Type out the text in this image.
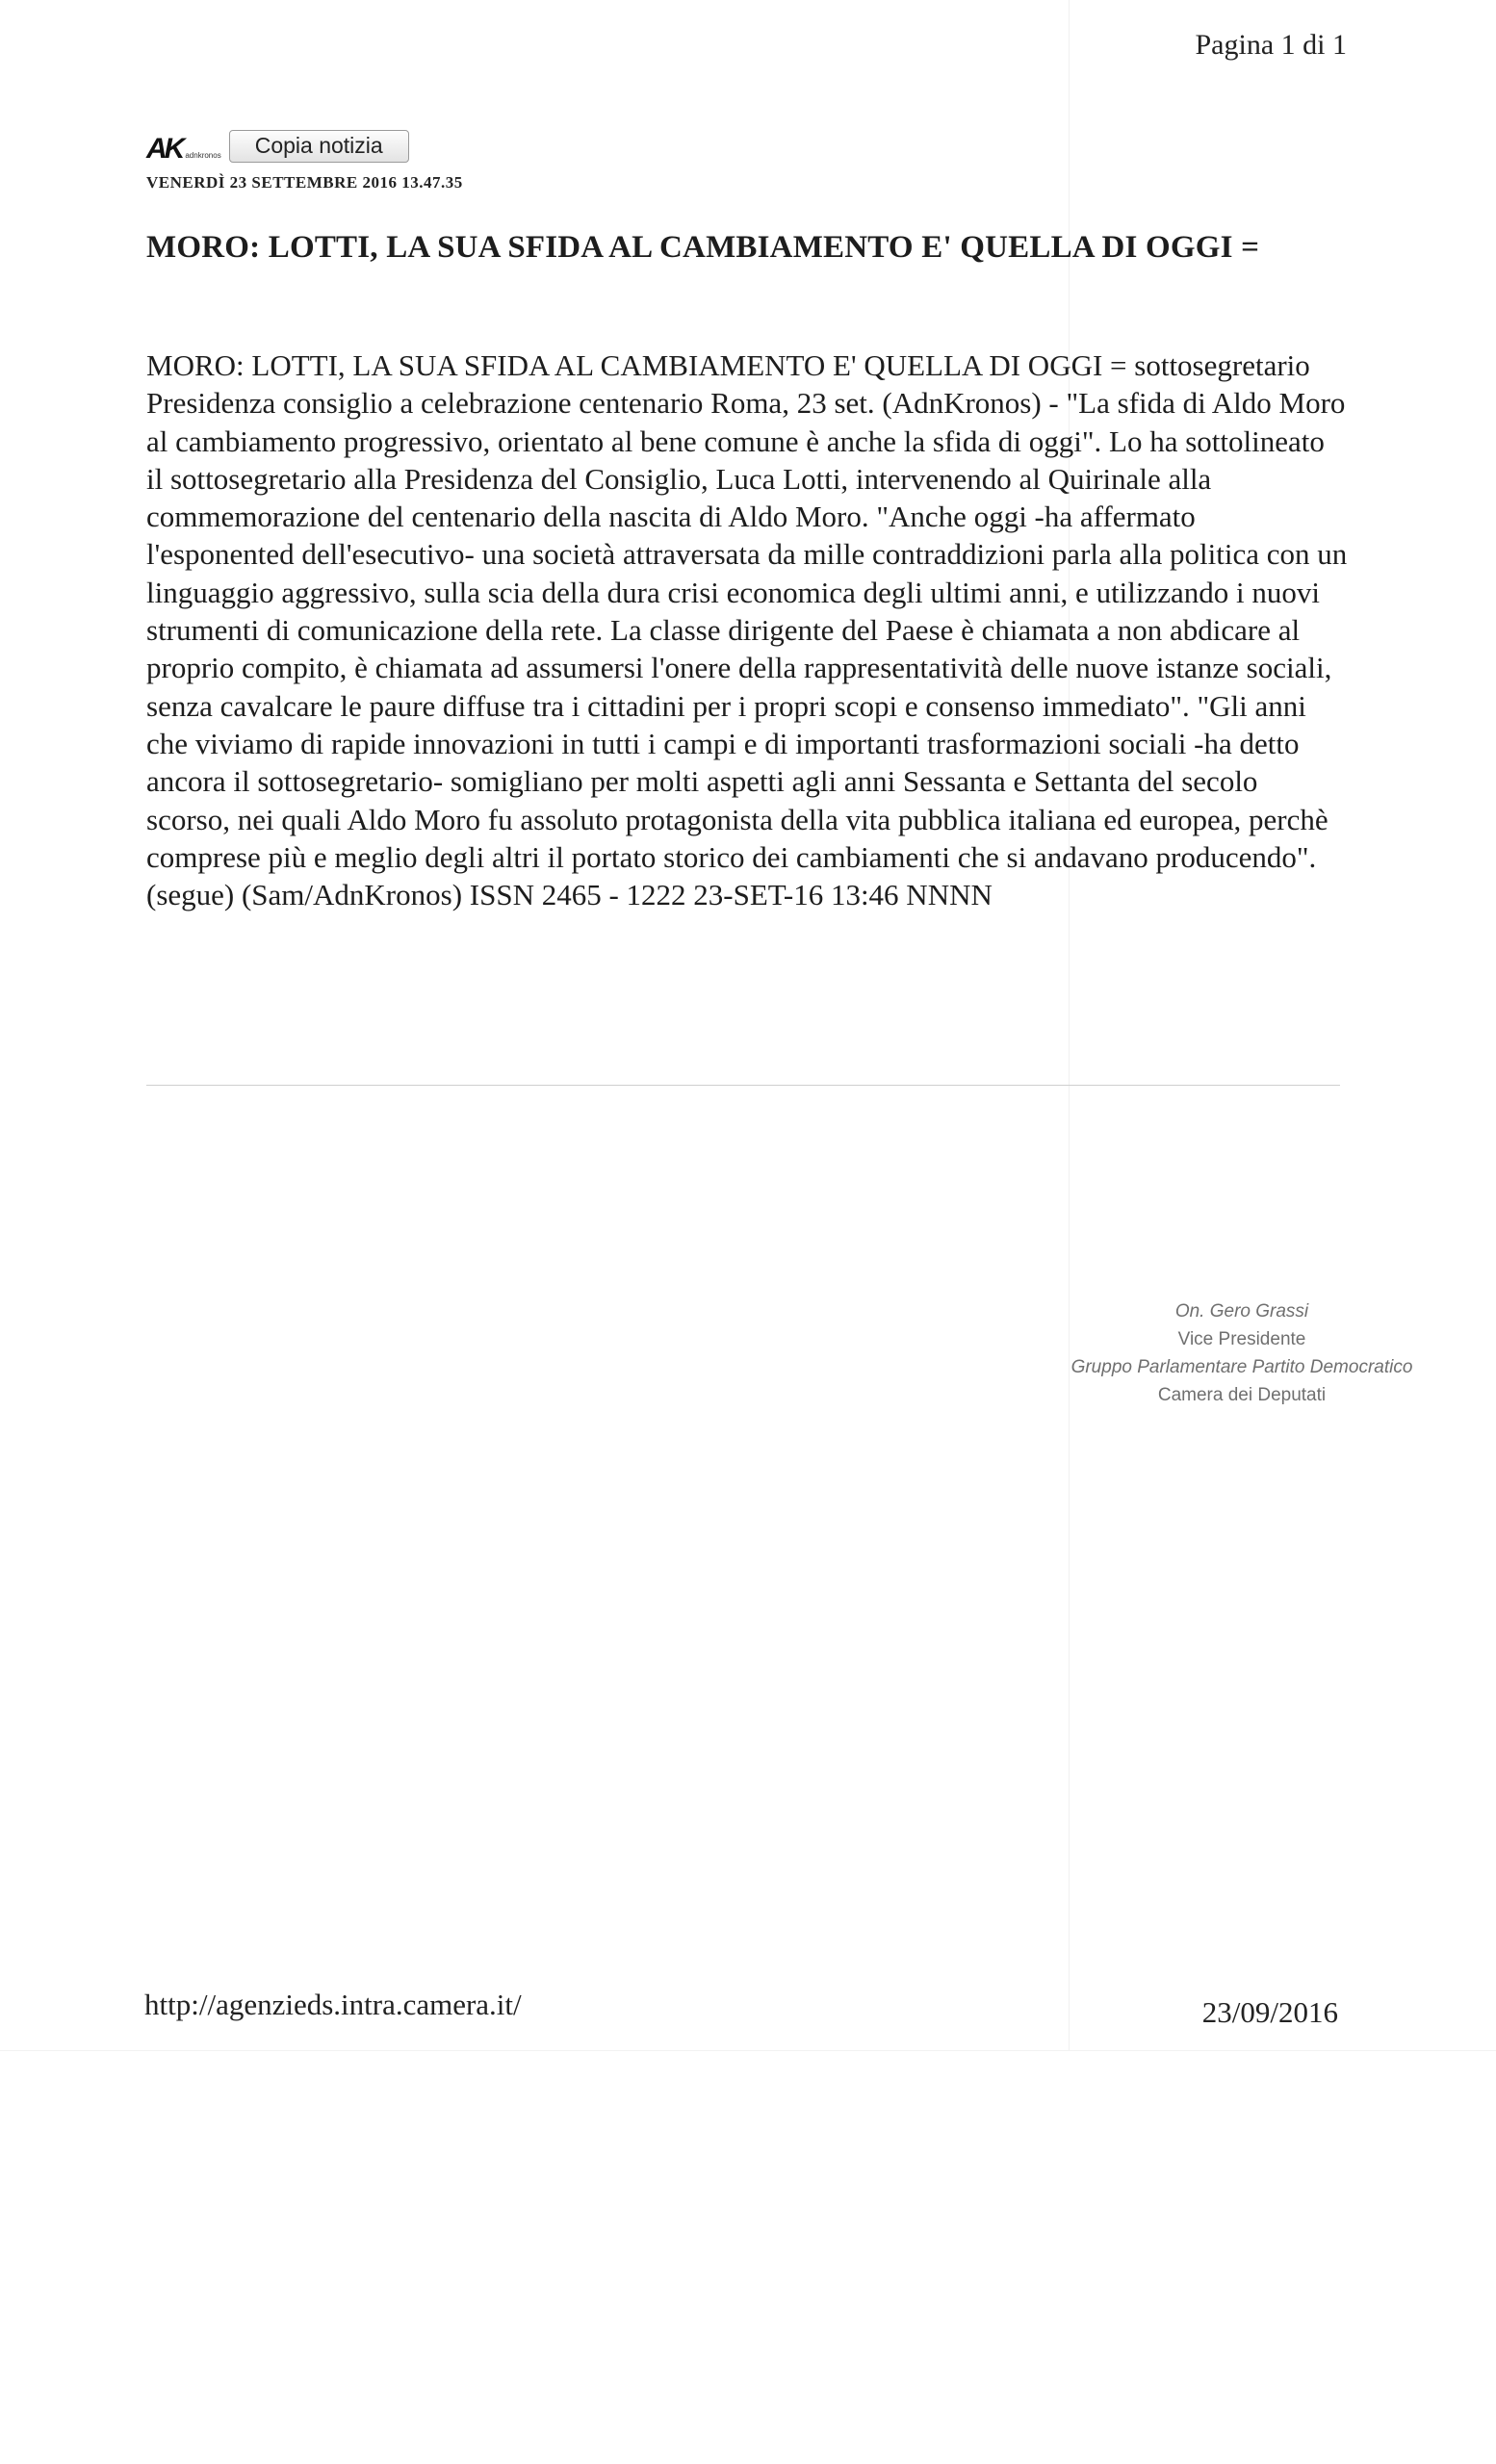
Pagina 1 di 1
AK adnkronos	Copia notizia
VENERDÌ 23 SETTEMBRE 2016 13.47.35
MORO: LOTTI, LA SUA SFIDA AL CAMBIAMENTO E' QUELLA DI OGGI =

MORO: LOTTI, LA SUA SFIDA AL CAMBIAMENTO E' QUELLA DI OGGI = sottosegretario Presidenza consiglio a celebrazione centenario Roma, 23 set. (AdnKronos) - "La sfida di Aldo Moro al cambiamento progressivo, orientato al bene comune è anche la sfida di oggi". Lo ha sottolineato il sottosegretario alla Presidenza del Consiglio, Luca Lotti, intervenendo al Quirinale alla commemorazione del centenario della nascita di Aldo Moro. "Anche oggi -ha affermato l'esponented dell'esecutivo- una società attraversata da mille contraddizioni parla alla politica con un linguaggio aggressivo, sulla scia della dura crisi economica degli ultimi anni, e utilizzando i nuovi strumenti di comunicazione della rete. La classe dirigente del Paese è chiamata a non abdicare al proprio compito, è chiamata ad assumersi l'onere della rappresentatività delle nuove istanze sociali, senza cavalcare le paure diffuse tra i cittadini per i propri scopi e consenso immediato". "Gli anni che viviamo di rapide innovazioni in tutti i campi e di importanti trasformazioni sociali -ha detto ancora il sottosegretario- somigliano per molti aspetti agli anni Sessanta e Settanta del secolo scorso, nei quali Aldo Moro fu assoluto protagonista della vita pubblica italiana ed europea, perchè comprese più e meglio degli altri il portato storico dei cambiamenti che si andavano producendo". (segue) (Sam/AdnKronos) ISSN 2465 - 1222 23-SET-16 13:46 NNNN

On. Gero Grassi
Vice Presidente
Gruppo Parlamentare Partito Democratico
Camera dei Deputati
http://agenzieds.intra.camera.it/	23/09/2016
